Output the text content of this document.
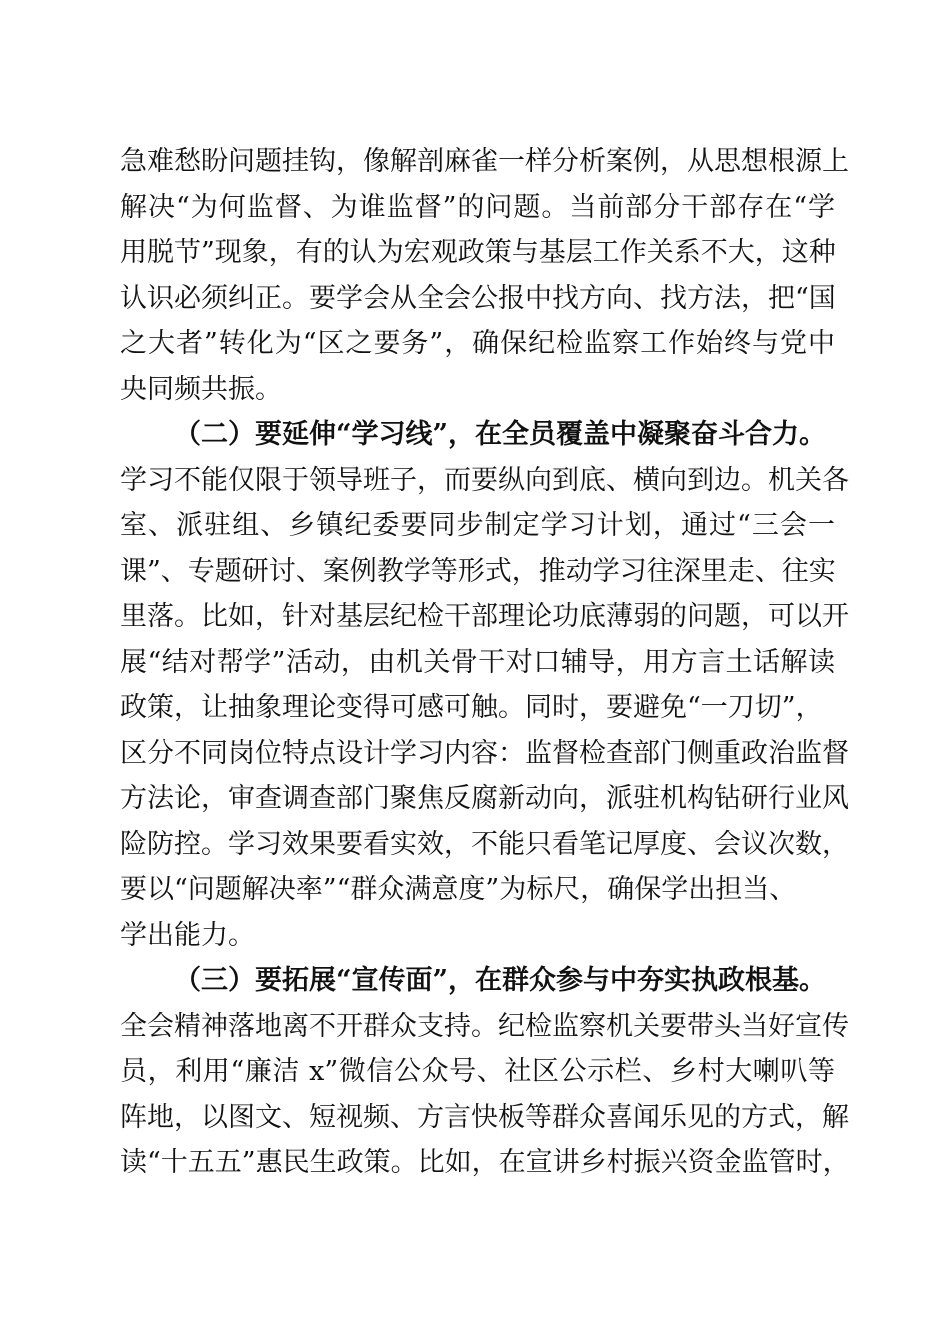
急难愁盼问题挂钩，像解剖麻雀一样分析案例，从思想根源上
解决“为何监督、为谁监督”的问题。当前部分干部存在“学
用脱节”现象，有的认为宏观政策与基层工作关系不大，这种
认识必须纠正。要学会从全会公报中找方向、找方法，把“国
之大者”转化为“区之要务”，确保纪检监察工作始终与党中
央同频共振。
（二）要延伸“学习线”，在全员覆盖中凝聚奋斗合力。
学习不能仅限于领导班子，而要纵向到底、横向到边。机关各
室、派驻组、乡镇纪委要同步制定学习计划，通过“三会一
课”、专题研讨、案例教学等形式，推动学习往深里走、往实
里落。比如，针对基层纪检干部理论功底薄弱的问题，可以开
展“结对帮学”活动，由机关骨干对口辅导，用方言土话解读
政策，让抽象理论变得可感可触。同时，要避免“一刀切”，
区分不同岗位特点设计学习内容：监督检查部门侧重政治监督
方法论，审查调查部门聚焦反腐新动向，派驻机构钻研行业风
险防控。学习效果要看实效，不能只看笔记厚度、会议次数，
要以“问题解决率”“群众满意度”为标尺，确保学出担当、
学出能力。
（三）要拓展“宣传面”，在群众参与中夯实执政根基。
全会精神落地离不开群众支持。纪检监察机关要带头当好宣传
员，利用“廉洁 x”微信公众号、社区公示栏、乡村大喇叭等
阵地，以图文、短视频、方言快板等群众喜闻乐见的方式，解
读“十五五”惠民生政策。比如，在宣讲乡村振兴资金监管时，
